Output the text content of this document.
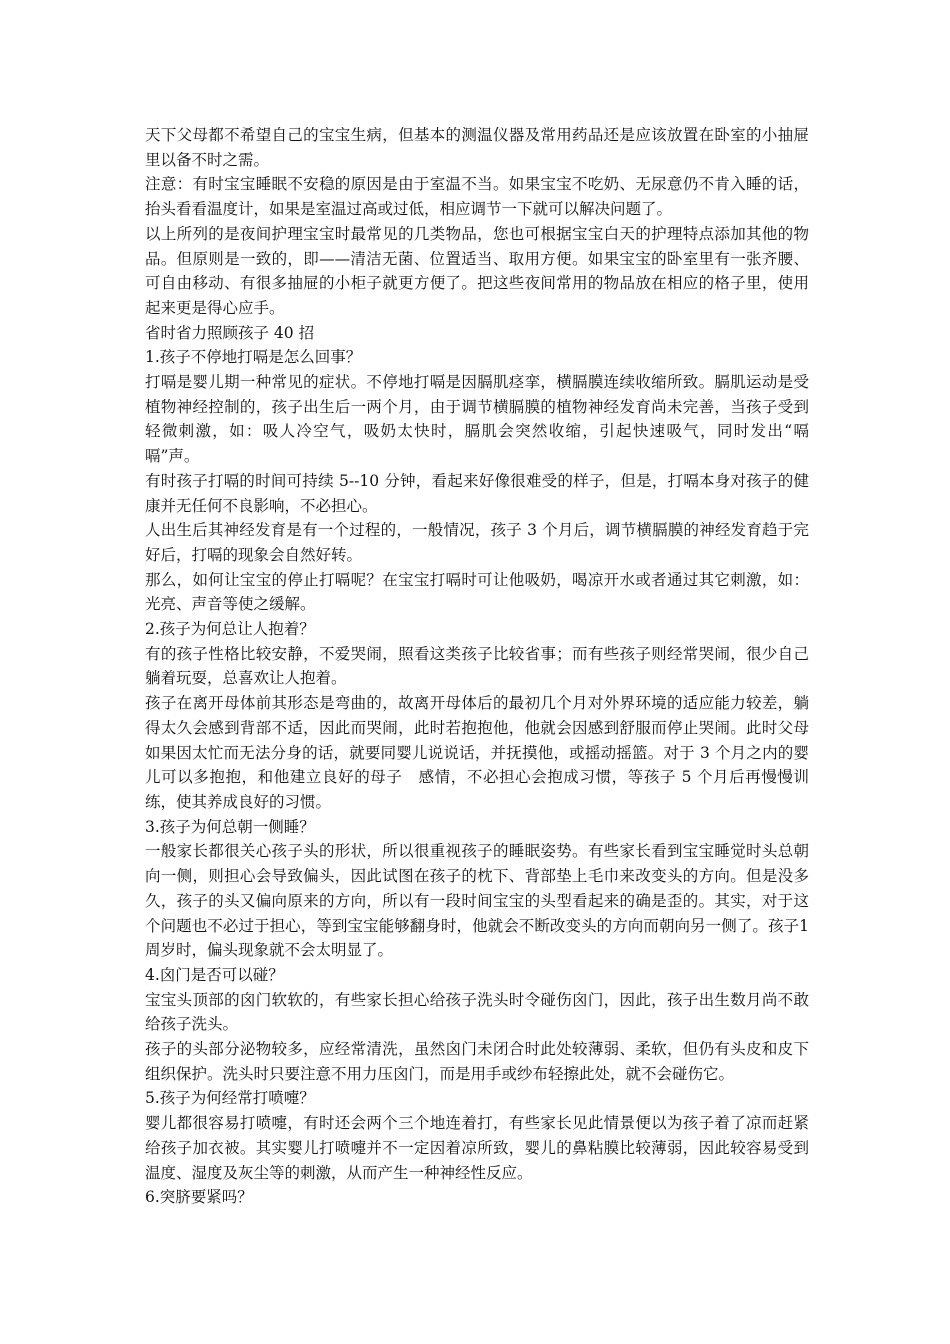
天下父母都不希望自己的宝宝生病，但基本的测温仪器及常用药品还是应该放置在卧室的小抽屉里以备不时之需。

注意：有时宝宝睡眠不安稳的原因是由于室温不当。如果宝宝不吃奶、无尿意仍不肯入睡的话，抬头看看温度计，如果是室温过高或过低，相应调节一下就可以解决问题了。

以上所列的是夜间护理宝宝时最常见的几类物品，您也可根据宝宝白天的护理特点添加其他的物品。但原则是一致的，即——清洁无菌、位置适当、取用方便。如果宝宝的卧室里有一张齐腰、可自由移动、有很多抽屉的小柜子就更方便了。把这些夜间常用的物品放在相应的格子里，使用起来更是得心应手。

省时省力照顾孩子 40 招

1.孩子不停地打嗝是怎么回事？

打嗝是婴儿期一种常见的症状。不停地打嗝是因膈肌痉挛，横膈膜连续收缩所致。膈肌运动是受植物神经控制的，孩子出生后一两个月，由于调节横膈膜的植物神经发育尚未完善，当孩子受到轻微刺激，如：吸人冷空气，吸奶太快时，膈肌会突然收缩，引起快速吸气，同时发出“嗝嗝”声。

有时孩子打嗝的时间可持续 5--10 分钟，看起来好像很难受的样子，但是，打嗝本身对孩子的健康并无任何不良影响，不必担心。

人出生后其神经发育是有一个过程的，一般情况，孩子 3 个月后，调节横膈膜的神经发育趋于完好后，打嗝的现象会自然好转。

那么，如何让宝宝的停止打嗝呢？在宝宝打嗝时可让他吸奶，喝凉开水或者通过其它刺激，如：光亮、声音等使之缓解。

2.孩子为何总让人抱着？

有的孩子性格比较安静，不爱哭闹，照看这类孩子比较省事；而有些孩子则经常哭闹，很少自己躺着玩耍，总喜欢让人抱着。

孩子在离开母体前其形态是弯曲的，故离开母体后的最初几个月对外界环境的适应能力较差，躺得太久会感到背部不适，因此而哭闹，此时若抱抱他，他就会因感到舒服而停止哭闹。此时父母如果因太忙而无法分身的话，就要同婴儿说说话，并抚摸他，或摇动摇篮。对于 3 个月之内的婴儿可以多抱抱，和他建立良好的母子　感情，不必担心会抱成习惯，等孩子 5 个月后再慢慢训练，使其养成良好的习惯。

3.孩子为何总朝一侧睡？

一般家长都很关心孩子头的形状，所以很重视孩子的睡眠姿势。有些家长看到宝宝睡觉时头总朝向一侧，则担心会导致偏头，因此试图在孩子的枕下、背部垫上毛巾来改变头的方向。但是没多久，孩子的头又偏向原来的方向，所以有一段时间宝宝的头型看起来的确是歪的。其实，对于这个问题也不必过于担心，等到宝宝能够翻身时，他就会不断改变头的方向而朝向另一侧了。孩子1周岁时，偏头现象就不会太明显了。

4.囟门是否可以碰？

宝宝头顶部的囟门软软的，有些家长担心给孩子洗头时令碰伤囟门，因此，孩子出生数月尚不敢给孩子洗头。

孩子的头部分泌物较多，应经常清洗，虽然囟门未闭合时此处较薄弱、柔软，但仍有头皮和皮下组织保护。洗头时只要注意不用力压囟门，而是用手或纱布轻擦此处，就不会碰伤它。

5.孩子为何经常打喷嚏？

婴儿都很容易打喷嚏，有时还会两个三个地连着打，有些家长见此情景便以为孩子着了凉而赶紧给孩子加衣被。其实婴儿打喷嚏并不一定因着凉所致，婴儿的鼻粘膜比较薄弱，因此较容易受到温度、湿度及灰尘等的刺激，从而产生一种神经性反应。

6.突脐要紧吗？
